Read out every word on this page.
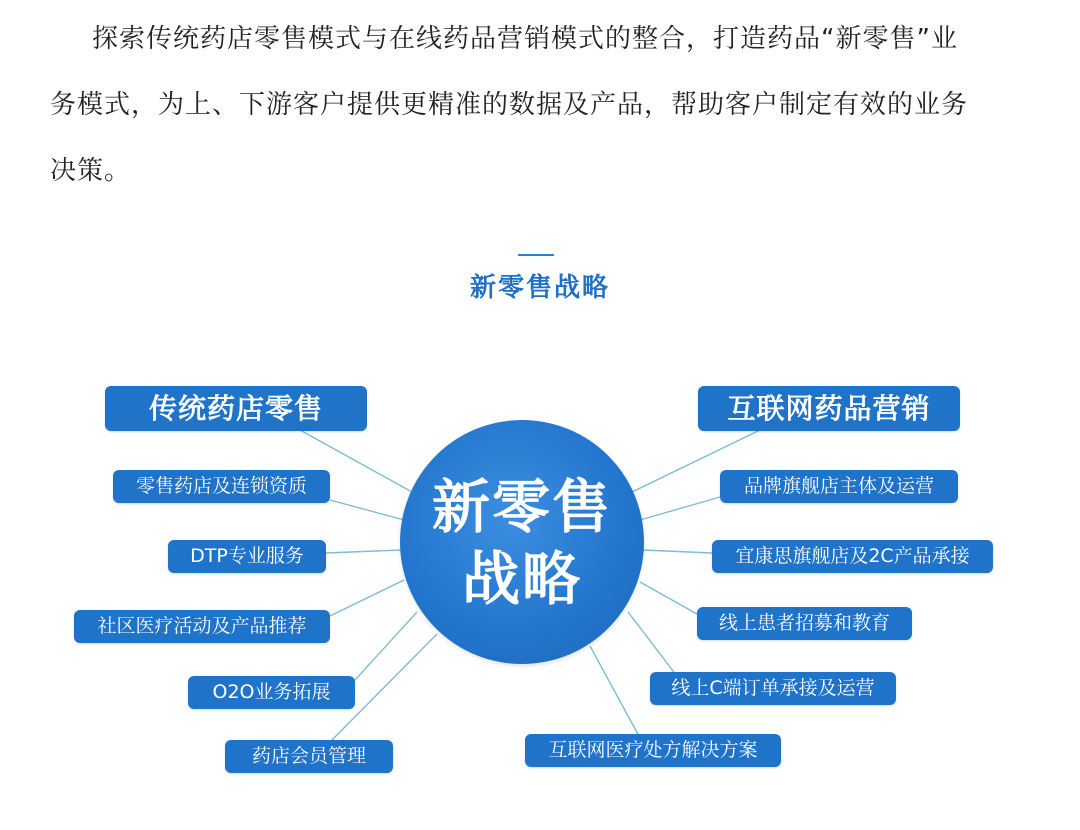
探索传统药店零售模式与在线药品营销模式的整合，打造药品“新零售”业
务模式，为上、下游客户提供更精准的数据及产品，帮助客户制定有效的业务
决策。
新零售战略
新零售
战略
传统药店零售
零售药店及连锁资质
DTP专业服务
社区医疗活动及产品推荐
O2O业务拓展
药店会员管理
互联网药品营销
品牌旗舰店主体及运营
宜康思旗舰店及2C产品承接
线上患者招募和教育
线上C端订单承接及运营
互联网医疗处方解决方案
